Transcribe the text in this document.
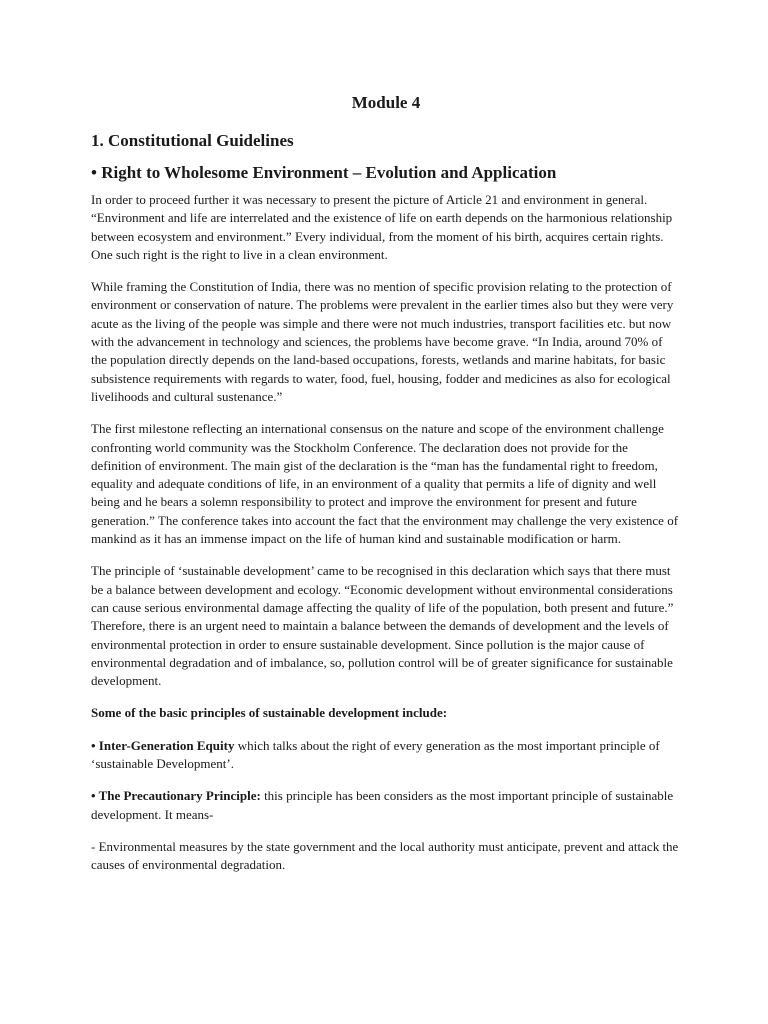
Module 4
1. Constitutional Guidelines
• Right to Wholesome Environment – Evolution and Application

In order to proceed further it was necessary to present the picture of Article 21 and environment in general. “Environment and life are interrelated and the existence of life on earth depends on the harmonious relationship between ecosystem and environment.” Every individual, from the moment of his birth, acquires certain rights. One such right is the right to live in a clean environment.

While framing the Constitution of India, there was no mention of specific provision relating to the protection of environment or conservation of nature. The problems were prevalent in the earlier times also but they were very acute as the living of the people was simple and there were not much industries, transport facilities etc. but now with the advancement in technology and sciences, the problems have become grave. “In India, around 70% of the population directly depends on the land-based occupations, forests, wetlands and marine habitats, for basic subsistence requirements with regards to water, food, fuel, housing, fodder and medicines as also for ecological livelihoods and cultural sustenance.”

The first milestone reflecting an international consensus on the nature and scope of the environment challenge confronting world community was the Stockholm Conference. The declaration does not provide for the definition of environment. The main gist of the declaration is the “man has the fundamental right to freedom, equality and adequate conditions of life, in an environment of a quality that permits a life of dignity and well being and he bears a solemn responsibility to protect and improve the environment for present and future generation.” The conference takes into account the fact that the environment may challenge the very existence of mankind as it has an immense impact on the life of human kind and sustainable modification or harm.

The principle of ‘sustainable development’ came to be recognised in this declaration which says that there must be a balance between development and ecology. “Economic development without environmental considerations can cause serious environmental damage affecting the quality of life of the population, both present and future.” Therefore, there is an urgent need to maintain a balance between the demands of development and the levels of environmental protection in order to ensure sustainable development. Since pollution is the major cause of environmental degradation and of imbalance, so, pollution control will be of greater significance for sustainable development.

Some of the basic principles of sustainable development include:

• Inter-Generation Equity which talks about the right of every generation as the most important principle of ‘sustainable Development’.

• The Precautionary Principle: this principle has been considers as the most important principle of sustainable development. It means-

- Environmental measures by the state government and the local authority must anticipate, prevent and attack the causes of environmental degradation.
